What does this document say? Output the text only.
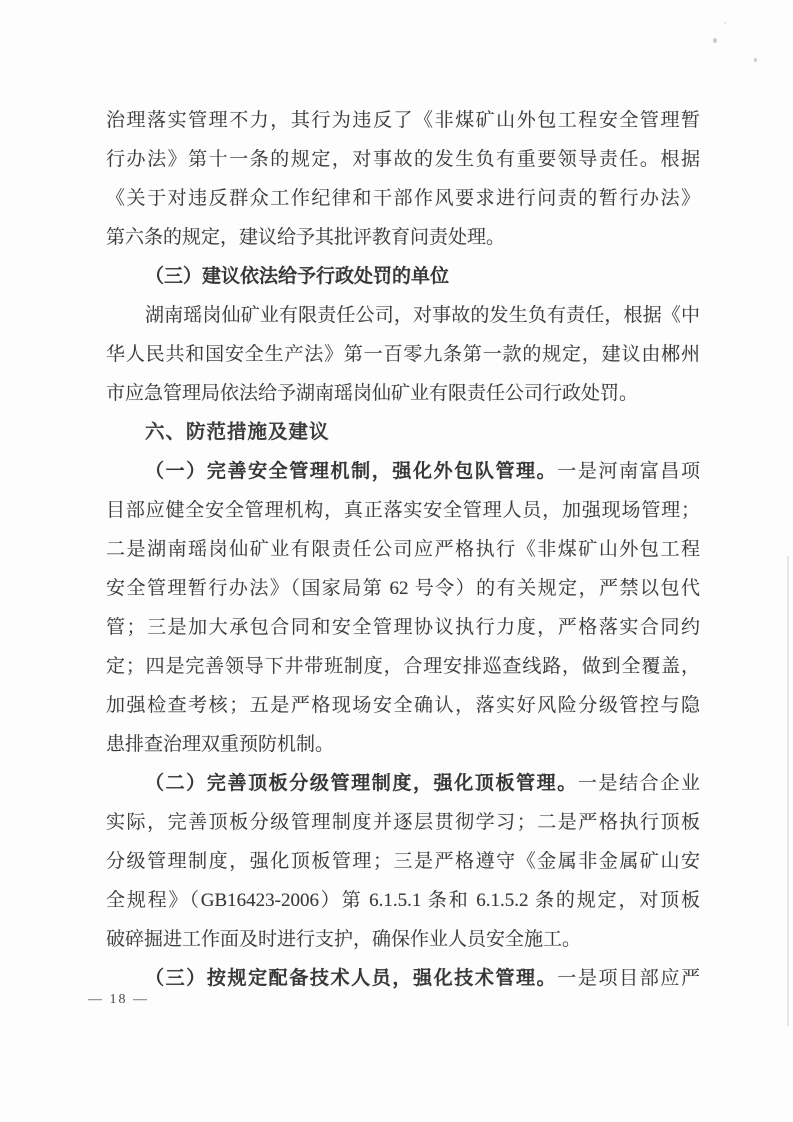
治理落实管理不力，其行为违反了《非煤矿山外包工程安全管理暂
行办法》第十一条的规定，对事故的发生负有重要领导责任。根据
《关于对违反群众工作纪律和干部作风要求进行问责的暂行办法》
第六条的规定，建议给予其批评教育问责处理。
（三）建议依法给予行政处罚的单位
湖南瑶岗仙矿业有限责任公司，对事故的发生负有责任，根据《中
华人民共和国安全生产法》第一百零九条第一款的规定，建议由郴州
市应急管理局依法给予湖南瑶岗仙矿业有限责任公司行政处罚。
六、防范措施及建议
（一）完善安全管理机制，强化外包队管理。一是河南富昌项
目部应健全安全管理机构，真正落实安全管理人员，加强现场管理；
二是湖南瑶岗仙矿业有限责任公司应严格执行《非煤矿山外包工程
安全管理暂行办法》（国家局第 62 号令）的有关规定，严禁以包代
管；三是加大承包合同和安全管理协议执行力度，严格落实合同约
定；四是完善领导下井带班制度，合理安排巡查线路，做到全覆盖，
加强检查考核；五是严格现场安全确认，落实好风险分级管控与隐
患排查治理双重预防机制。
（二）完善顶板分级管理制度，强化顶板管理。一是结合企业
实际，完善顶板分级管理制度并逐层贯彻学习；二是严格执行顶板
分级管理制度，强化顶板管理；三是严格遵守《金属非金属矿山安
全规程》（GB16423-2006）第 6.1.5.1 条和 6.1.5.2 条的规定，对顶板
破碎掘进工作面及时进行支护，确保作业人员安全施工。
（三）按规定配备技术人员，强化技术管理。一是项目部应严
— 18 —
